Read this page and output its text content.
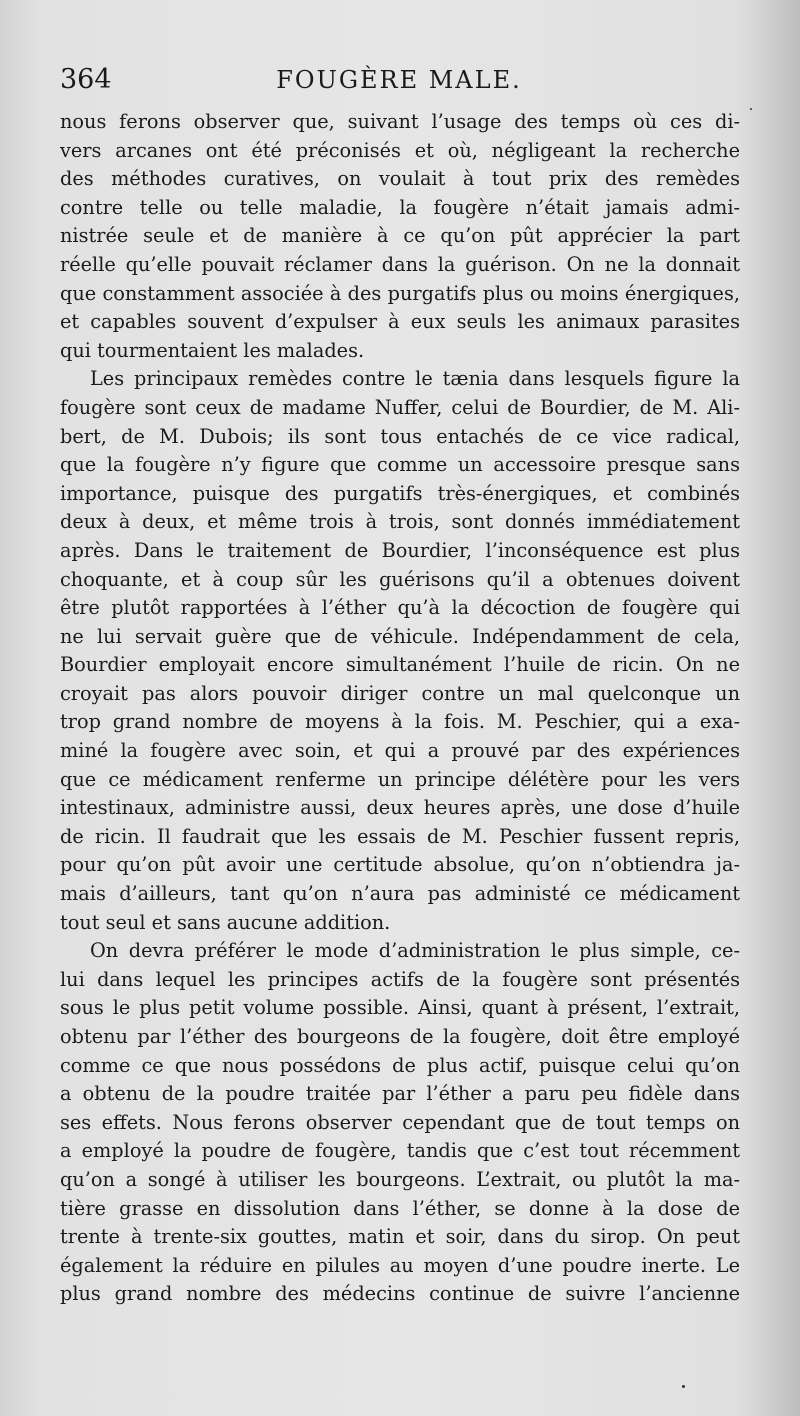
364	FOUGÈRE MALE.
nous ferons observer que, suivant l’usage des temps où ces di-
vers arcanes ont été préconisés et où, négligeant la recherche
des méthodes curatives, on voulait à tout prix des remèdes
contre telle ou telle maladie, la fougère n’était jamais admi-
nistrée seule et de manière à ce qu’on pût apprécier la part
réelle qu’elle pouvait réclamer dans la guérison. On ne la donnait
que constamment associée à des purgatifs plus ou moins énergiques,
et capables souvent d’expulser à eux seuls les animaux parasites
qui tourmentaient les malades.
Les principaux remèdes contre le tænia dans lesquels figure la
fougère sont ceux de madame Nuffer, celui de Bourdier, de M. Ali-
bert, de M. Dubois; ils sont tous entachés de ce vice radical,
que la fougère n’y figure que comme un accessoire presque sans
importance, puisque des purgatifs très-énergiques, et combinés
deux à deux, et même trois à trois, sont donnés immédiatement
après. Dans le traitement de Bourdier, l’inconséquence est plus
choquante, et à coup sûr les guérisons qu’il a obtenues doivent
être plutôt rapportées à l’éther qu’à la décoction de fougère qui
ne lui servait guère que de véhicule. Indépendamment de cela,
Bourdier employait encore simultanément l’huile de ricin. On ne
croyait pas alors pouvoir diriger contre un mal quelconque un
trop grand nombre de moyens à la fois. M. Peschier, qui a exa-
miné la fougère avec soin, et qui a prouvé par des expériences
que ce médicament renferme un principe délétère pour les vers
intestinaux, administre aussi, deux heures après, une dose d’huile
de ricin. Il faudrait que les essais de M. Peschier fussent repris,
pour qu’on pût avoir une certitude absolue, qu’on n’obtiendra ja-
mais d’ailleurs, tant qu’on n’aura pas administé ce médicament
tout seul et sans aucune addition.
On devra préférer le mode d’administration le plus simple, ce-
lui dans lequel les principes actifs de la fougère sont présentés
sous le plus petit volume possible. Ainsi, quant à présent, l’extrait,
obtenu par l’éther des bourgeons de la fougère, doit être employé
comme ce que nous possédons de plus actif, puisque celui qu’on
a obtenu de la poudre traitée par l’éther a paru peu fidèle dans
ses effets. Nous ferons observer cependant que de tout temps on
a employé la poudre de fougère, tandis que c’est tout récemment
qu’on a songé à utiliser les bourgeons. L’extrait, ou plutôt la ma-
tière grasse en dissolution dans l’éther, se donne à la dose de
trente à trente-six gouttes, matin et soir, dans du sirop. On peut
également la réduire en pilules au moyen d’une poudre inerte. Le
plus grand nombre des médecins continue de suivre l’ancienne
